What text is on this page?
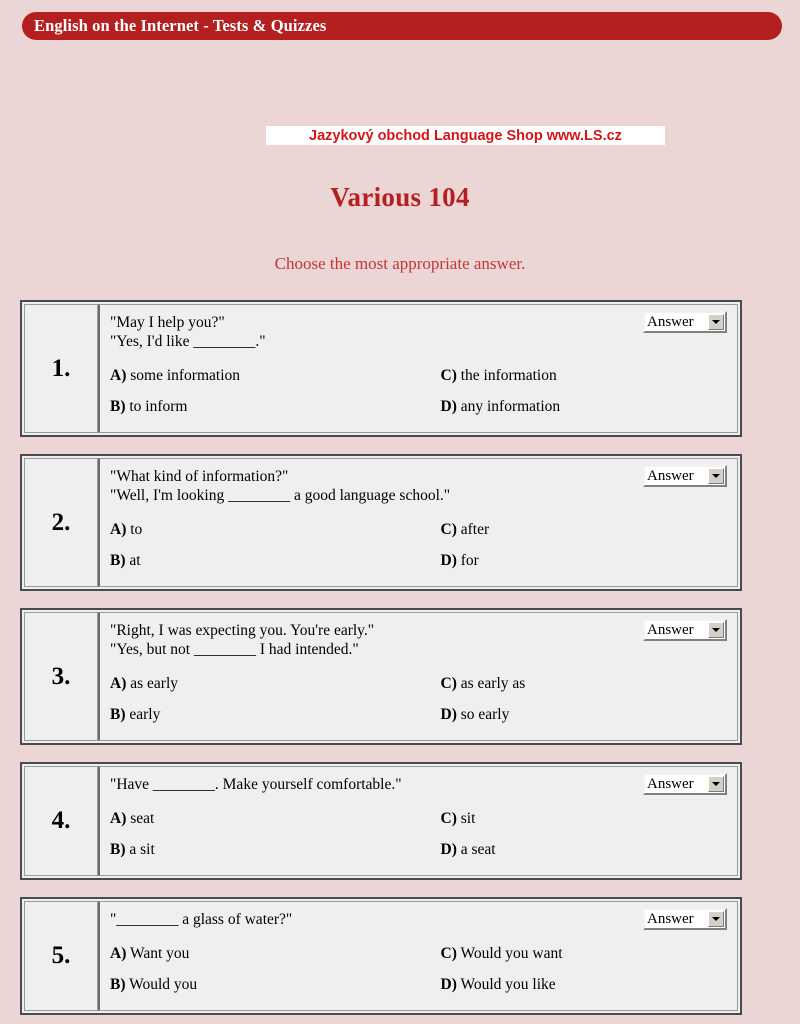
English on the Internet - Tests & Quizzes
Jazykový obchod Language Shop www.LS.cz
Various 104

Choose the most appropriate answer.

1.
Answer
"May I help you?"
"Yes, I'd like ________."
A) some information	C) the information
B) to inform	D) any information
2.
Answer
"What kind of information?"
"Well, I'm looking ________ a good language school."
A) to	C) after
B) at	D) for
3.
Answer
"Right, I was expecting you. You're early."
"Yes, but not ________ I had intended."
A) as early	C) as early as
B) early	D) so early
4.
Answer
"Have ________. Make yourself comfortable."
A) seat	C) sit
B) a sit	D) a seat
5.
Answer
"________ a glass of water?"
A) Want you	C) Would you want
B) Would you	D) Would you like
